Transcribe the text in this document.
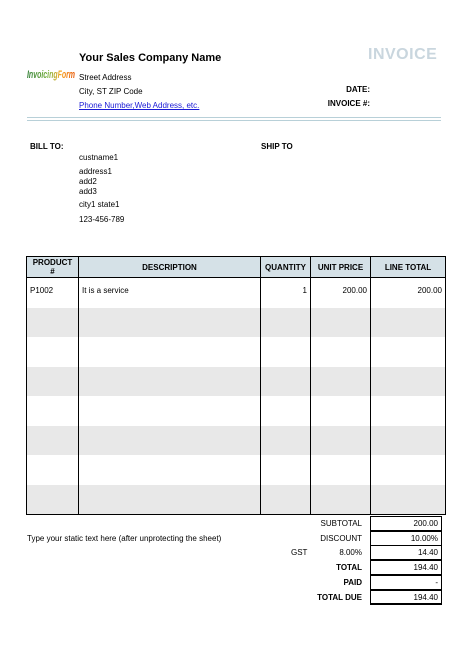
InvoicingForm
Your Sales Company Name
Street Address
City, ST ZIP Code
Phone Number,Web Address, etc.
INVOICE
DATE:
INVOICE #:
BILL TO:	SHIP TO
custname1
address1
add2
add3
city1 state1
123-456-789
PRODUCT #	DESCRIPTION	QUANTITY	UNIT PRICE	LINE TOTAL
P1002	It is a service	1	200.00	200.00

Type your static text here (after unprotecting the sheet)
SUBTOTAL	200.00
DISCOUNT	10.00%
GST	8.00%	14.40
TOTAL	194.40
PAID	-
TOTAL DUE	194.40
